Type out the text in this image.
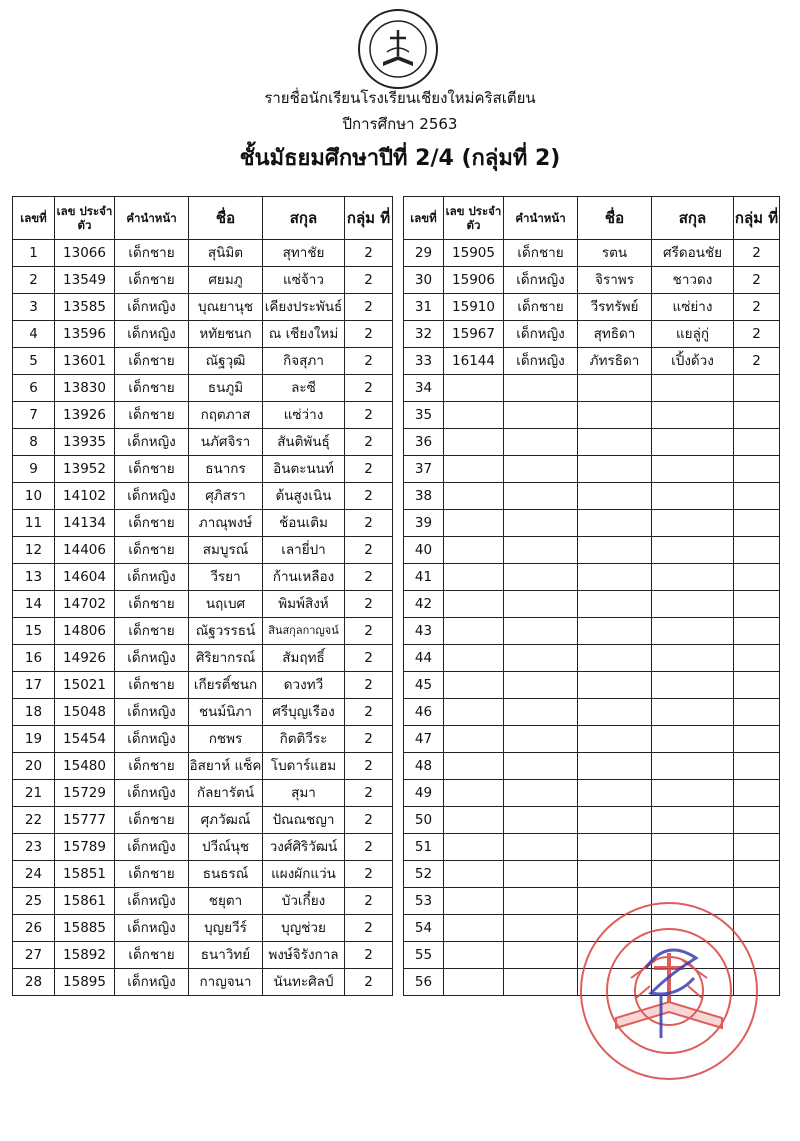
รายชื่อนักเรียนโรงเรียนเชียงใหม่คริสเตียน
ปีการศึกษา 2563
ชั้นมัธยมศึกษาปีที่ 2/4 (กลุ่มที่ 2)
เลขที่	เลข ประจำตัว	คำนำหน้า	ชื่อ	สกุล	กลุ่ม ที่
1	13066	เด็กชาย	สุนิมิต	สุทาชัย	2
2	13549	เด็กชาย	ศยมภู	แซ่จ้าว	2
3	13585	เด็กหญิง	บุณยานุช	เคียงประพันธ์	2
4	13596	เด็กหญิง	หทัยชนก	ณ เชียงใหม่	2
5	13601	เด็กชาย	ณัฐวุฒิ	กิจสุภา	2
6	13830	เด็กชาย	ธนภูมิ	ละซี	2
7	13926	เด็กชาย	กฤตภาส	แซ่ว่าง	2
8	13935	เด็กหญิง	นภัศจิรา	สันติพันธุ์	2
9	13952	เด็กชาย	ธนากร	อินตะนนท์	2
10	14102	เด็กหญิง	ศุภิสรา	ต้นสูงเนิน	2
11	14134	เด็กชาย	ภาณุพงษ์	ช้อนเติม	2
12	14406	เด็กชาย	สมบูรณ์	เลายี่ปา	2
13	14604	เด็กหญิง	วีรยา	ก้านเหลือง	2
14	14702	เด็กชาย	นฤเบศ	พิมพ์สิงห์	2
15	14806	เด็กชาย	ณัฐวรรธน์	สินสกุลกาญจน์	2
16	14926	เด็กหญิง	ศิริยากรณ์	สัมฤทธิ์	2
17	15021	เด็กชาย	เกียรติ์ชนก	ดวงทวี	2
18	15048	เด็กหญิง	ชนม์นิภา	ศรีบุญเรือง	2
19	15454	เด็กหญิง	กชพร	กิตติวีระ	2
20	15480	เด็กชาย	อิสยาห์ แซ็ค	โบดาร์แฮม	2
21	15729	เด็กหญิง	กัลยารัตน์	สุมา	2
22	15777	เด็กชาย	ศุภวัฒณ์	ปัณณชญา	2
23	15789	เด็กหญิง	ปวีณ์นุช	วงศ์ศิริวัฒน์	2
24	15851	เด็กชาย	ธนธรณ์	แผงผักแว่น	2
25	15861	เด็กหญิง	ชยุตา	บัวเกี๋ยง	2
26	15885	เด็กหญิง	บุญยวีร์	บุญช่วย	2
27	15892	เด็กชาย	ธนาวิทย์	พงษ์จิรังกาล	2
28	15895	เด็กหญิง	กาญจนา	นันทะศิลป์	2
เลขที่	เลข ประจำตัว	คำนำหน้า	ชื่อ	สกุล	กลุ่ม ที่
29	15905	เด็กชาย	รตน	ศรีดอนชัย	2
30	15906	เด็กหญิง	จิราพร	ชาวดง	2
31	15910	เด็กชาย	วีรทรัพย์	แซ่ย่าง	2
32	15967	เด็กหญิง	สุทธิดา	แยลู่กู่	2
33	16144	เด็กหญิง	ภัทรธิดา	เปิ้งด้วง	2
34					
35					
36					
37					
38					
39					
40					
41					
42					
43					
44					
45					
46					
47					
48					
49					
50					
51					
52					
53					
54					
55					
56					
